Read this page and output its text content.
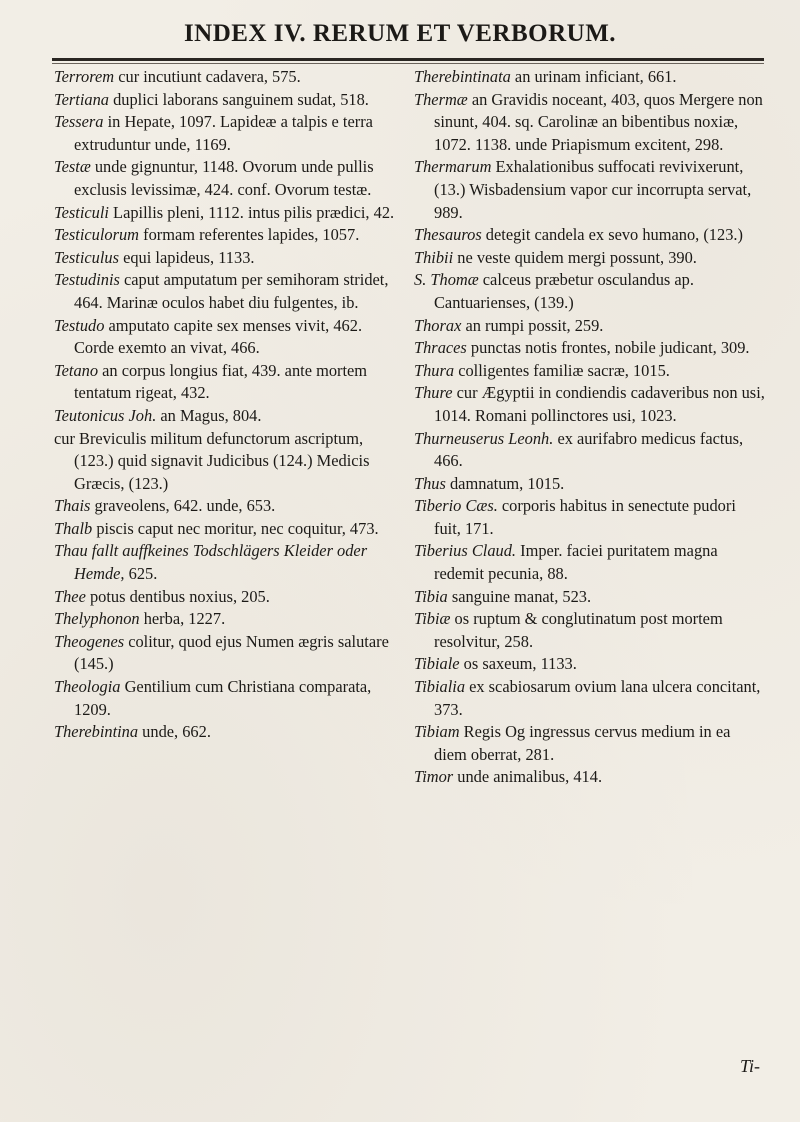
INDEX IV. RERUM ET VERBORUM.

Terrorem cur incutiunt cadavera, 575.

Tertiana duplici laborans sanguinem sudat, 518.

Tessera in Hepate, 1097. Lapideæ a talpis e terra extruduntur unde, 1169.

Testæ unde gignuntur, 1148. Ovorum unde pullis exclusis levissimæ, 424. conf. Ovorum testæ.

Testiculi Lapillis pleni, 1112. intus pilis prædici, 42.

Testiculorum formam referentes lapides, 1057.

Testiculus equi lapideus, 1133.

Testudinis caput amputatum per semihoram stridet, 464. Marinæ oculos habet diu fulgentes, ib.

Testudo amputato capite sex menses vivit, 462. Corde exemto an vivat, 466.

Tetano an corpus longius fiat, 439. ante mortem tentatum rigeat, 432.

Teutonicus Joh. an Magus, 804.

cur Breviculis militum defunctorum ascriptum, (123.) quid signavit Judicibus (124.) Medicis Græcis, (123.)

Thais graveolens, 642. unde, 653.

Thalb piscis caput nec moritur, nec coquitur, 473.

Thau fallt auffkeines Todschlägers Kleider oder Hemde, 625.

Thee potus dentibus noxius, 205.

Thelyphonon herba, 1227.

Theogenes colitur, quod ejus Numen ægris salutare (145.)

Theologia Gentilium cum Christiana comparata, 1209.

Therebintina unde, 662.

Therebintinata an urinam inficiant, 661.

Thermæ an Gravidis noceant, 403, quos Mergere non sinunt, 404. sq. Carolinæ an bibentibus noxiæ, 1072. 1138. unde Priapismum excitent, 298.

Thermarum Exhalationibus suffocati revivixerunt, (13.) Wisbadensium vapor cur incorrupta servat, 989.

Thesauros detegit candela ex sevo humano, (123.)

Thibii ne veste quidem mergi possunt, 390.

S. Thomæ calceus præbetur osculandus ap. Cantuarienses, (139.)

Thorax an rumpi possit, 259.

Thraces punctas notis frontes, nobile judicant, 309.

Thura colligentes familiæ sacræ, 1015.

Thure cur Ægyptii in condiendis cadaveribus non usi, 1014. Romani pollinctores usi, 1023.

Thurneuserus Leonh. ex aurifabro medicus factus, 466.

Thus damnatum, 1015.

Tiberio Cæs. corporis habitus in senectute pudori fuit, 171.

Tiberius Claud. Imper. faciei puritatem magna redemit pecunia, 88.

Tibia sanguine manat, 523.

Tibiæ os ruptum & conglutinatum post mortem resolvitur, 258.

Tibiale os saxeum, 1133.

Tibialia ex scabiosarum ovium lana ulcera concitant, 373.

Tibiam Regis Og ingressus cervus medium in ea diem oberrat, 281.

Timor unde animalibus, 414.

Ti-
